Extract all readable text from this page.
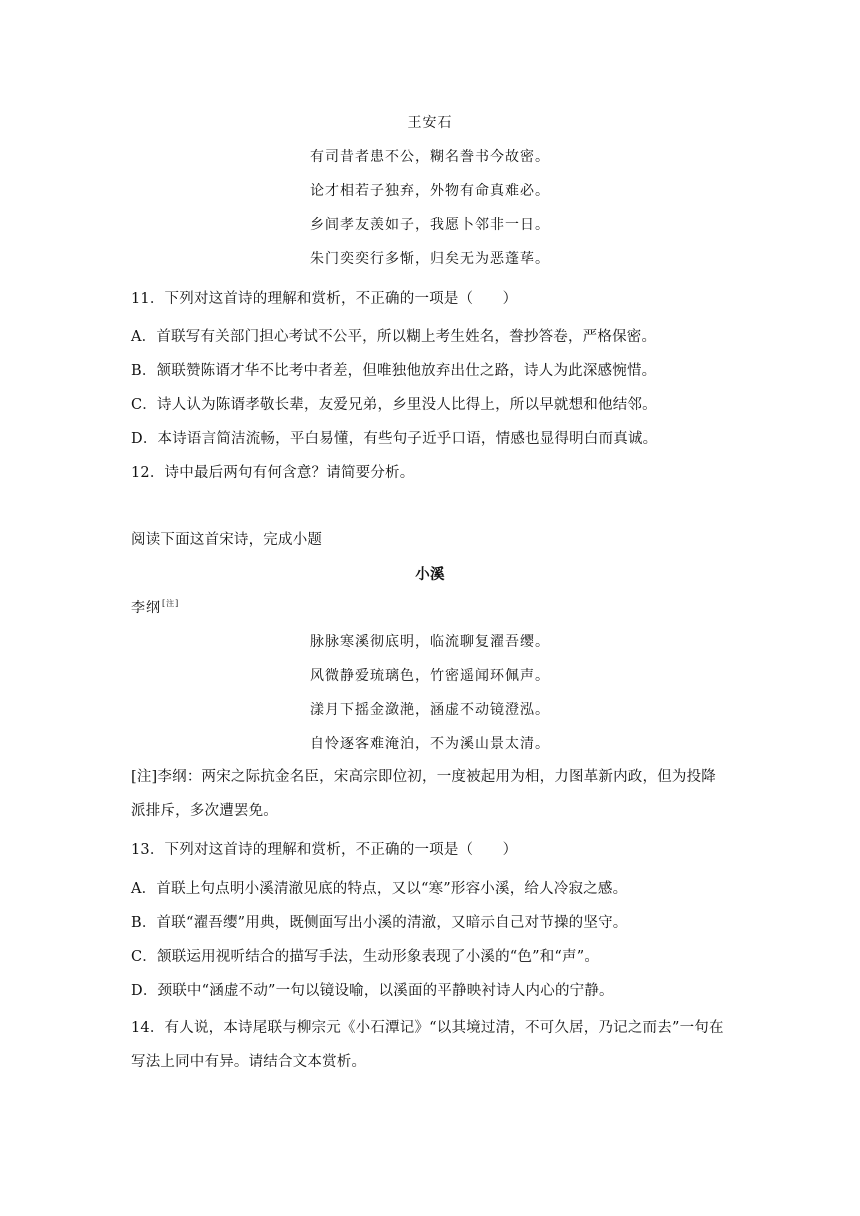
王安石
有司昔者患不公，糊名誊书今故密。
论才相若子独弃，外物有命真难必。
乡闾孝友羡如子，我愿卜邻非一日。
朱门奕奕行多惭，归矣无为恶蓬荜。
11．下列对这首诗的理解和赏析，不正确的一项是（　　）
A．首联写有关部门担心考试不公平，所以糊上考生姓名，誊抄答卷，严格保密。
B．颔联赞陈谞才华不比考中者差，但唯独他放弃出仕之路，诗人为此深感惋惜。
C．诗人认为陈谞孝敬长辈，友爱兄弟，乡里没人比得上，所以早就想和他结邻。
D．本诗语言简洁流畅，平白易懂，有些句子近乎口语，情感也显得明白而真诚。
12．诗中最后两句有何含意？请简要分析。
阅读下面这首宋诗，完成小题
小溪
李纲[注]
脉脉寒溪彻底明，临流聊复濯吾缨。
风微静爱琉璃色，竹密遥闻环佩声。
漾月下摇金潋滟，涵虚不动镜澄泓。
自怜逐客难淹泊，不为溪山景太清。
[注]李纲：两宋之际抗金名臣，宋高宗即位初，一度被起用为相，力图革新内政，但为投降
派排斥，多次遭罢免。
13．下列对这首诗的理解和赏析，不正确的一项是（　　）
A．首联上句点明小溪清澈见底的特点，又以“寒”形容小溪，给人冷寂之感。
B．首联“濯吾缨”用典，既侧面写出小溪的清澈，又暗示自己对节操的坚守。
C．颔联运用视听结合的描写手法，生动形象表现了小溪的“色”和“声”。
D．颈联中“涵虚不动”一句以镜设喻，以溪面的平静映衬诗人内心的宁静。
14．有人说，本诗尾联与柳宗元《小石潭记》“以其境过清，不可久居，乃记之而去”一句在
写法上同中有异。请结合文本赏析。
